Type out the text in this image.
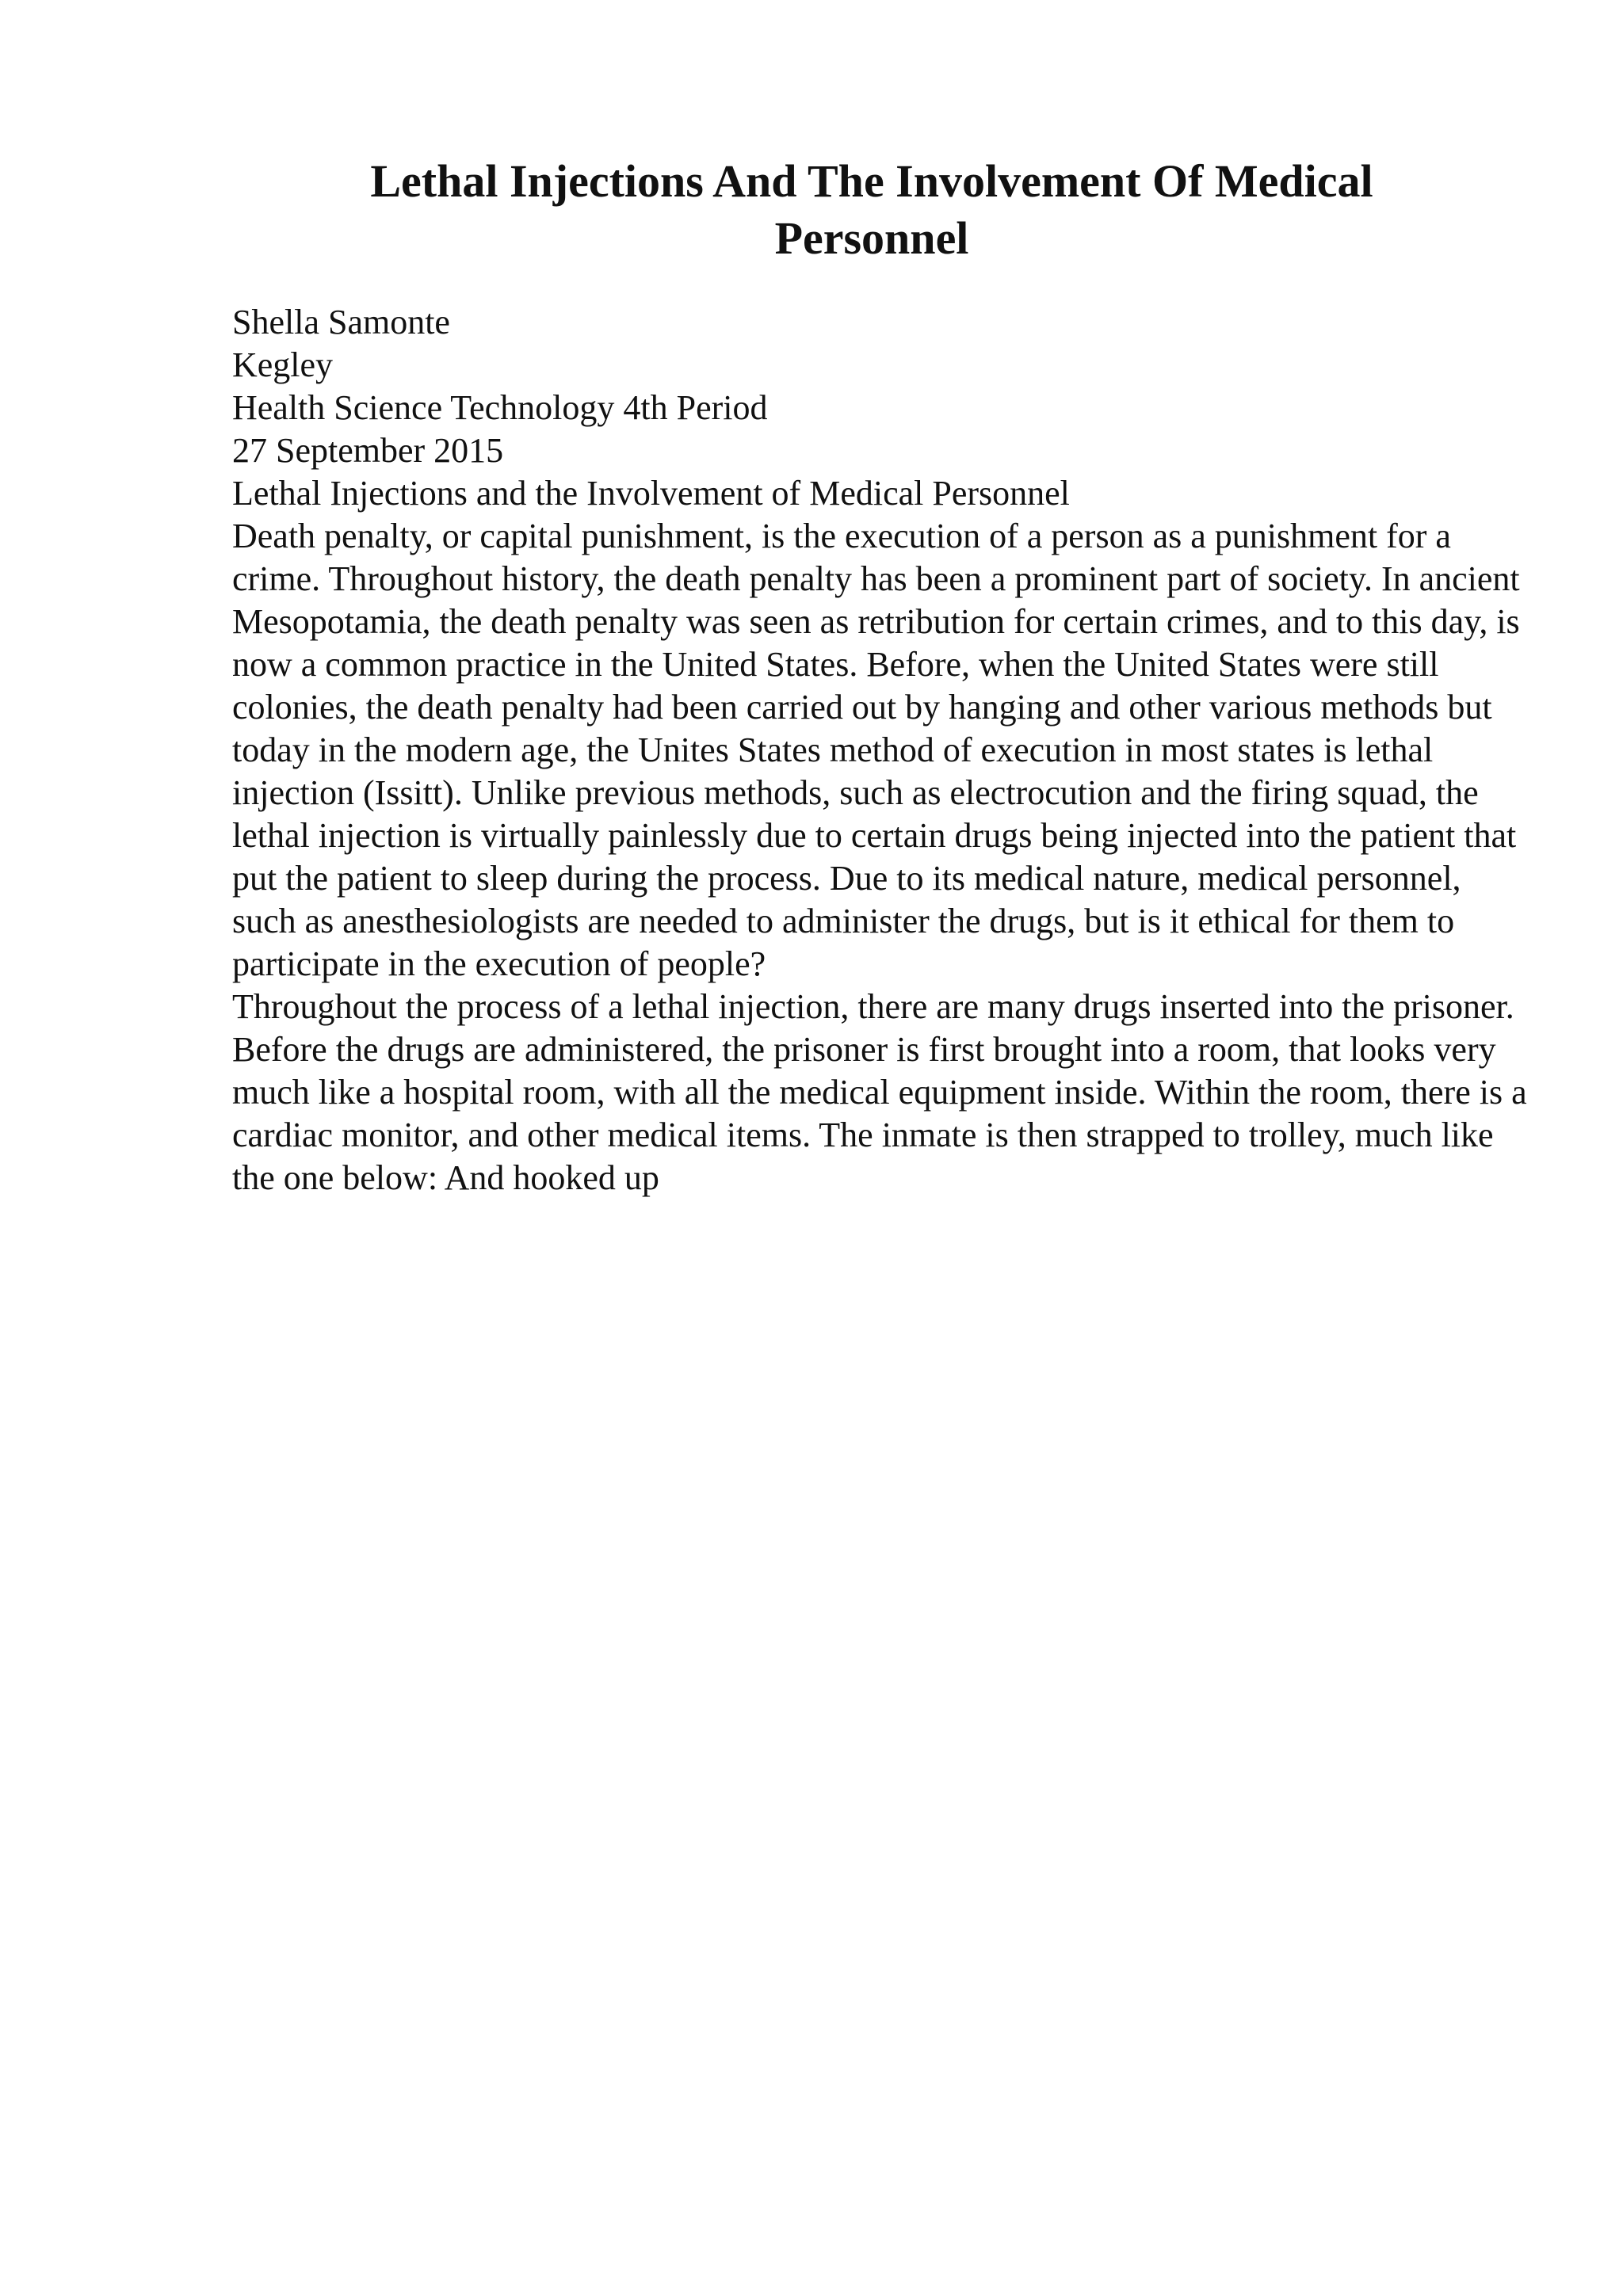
Lethal Injections And The Involvement Of Medical Personnel
Shella Samonte
Kegley
Health Science Technology 4th Period
27 September 2015
Lethal Injections and the Involvement of Medical Personnel

Death penalty, or capital punishment, is the execution of a person as a punishment for a crime. Throughout history, the death penalty has been a prominent part of society. In ancient Mesopotamia, the death penalty was seen as retribution for certain crimes, and to this day, is now a common practice in the United States. Before, when the United States were still colonies, the death penalty had been carried out by hanging and other various methods but today in the modern age, the Unites States method of execution in most states is lethal injection (Issitt). Unlike previous methods, such as electrocution and the firing squad, the lethal injection is virtually painlessly due to certain drugs being injected into the patient that put the patient to sleep during the process. Due to its medical nature, medical personnel, such as anesthesiologists are needed to administer the drugs, but is it ethical for them to participate in the execution of people?

Throughout the process of a lethal injection, there are many drugs inserted into the prisoner. Before the drugs are administered, the prisoner is first brought into a room, that looks very much like a hospital room, with all the medical equipment inside. Within the room, there is a cardiac monitor, and other medical items. The inmate is then strapped to trolley, much like the one below: And hooked up
